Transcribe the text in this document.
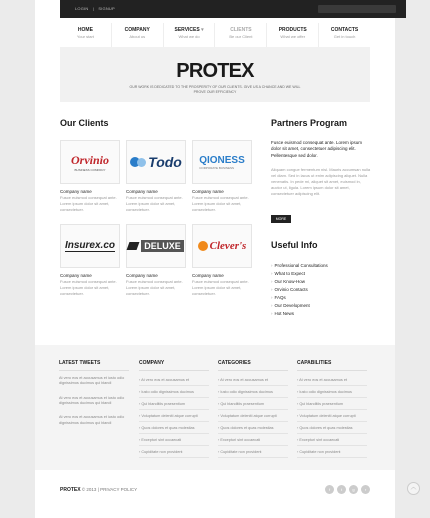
LOGIN | SIGNUP
HOME
Your start
COMPANY
About us
SERVICES ▾
What we do
CLIENTS
Be our Client
PRODUCTS
What we offer
CONTACTS
Get in touch
PROTEX
OUR WORK IS DEDICATED TO THE PROSPERITY OF OUR CLIENTS. GIVE US A CHANCE AND WE WILL PROVE OUR EFFICIENCY
Our Clients
Orvinio
BUSINESS COMPANY
Company name
Fusce euismod consequat ante. Lorem ipsum dolor sit amet, consectetuer.
Todo
Company name
Fusce euismod consequat ante. Lorem ipsum dolor sit amet, consectetuer.
QIONESS
CORPORATE BUSINESS
Company name
Fusce euismod consequat ante. Lorem ipsum dolor sit amet, consectetuer.
Insurex.co
Company name
Fusce euismod consequat ante. Lorem ipsum dolor sit amet, consectetuer.
DELUXE
Company name
Fusce euismod consequat ante. Lorem ipsum dolor sit amet, consectetuer.
Clever's
Company name
Fusce euismod consequat ante. Lorem ipsum dolor sit amet, consectetuer.
Partners Program
Fusce euismod consequat ante. Lorem ipsum dolor sit amet, consectetuer adipiscing elit. Pellentesque sed dolor.
Aliquam congue fermentum nisl. Mauris accumsan nulla vel diam. Sed in lacus ut enim adipiscing aliquet. Nulla venenatis. In pede mi, aliquet sit amet, euismod in, auctor ut, ligula. Lorem ipsum dolor sit amet, consectetuer adipiscing elit.
MORE
Useful Info
› Professional Consultations
› What to Expect
› Our Know-How
› Orvinio Contacts
› FAQs
› Our Development
› Hot News
LATEST TWEETS
At vero eos et accusamus et iusto odio dignissimos ducimus qui blandi
At vero eos et accusamus et iusto odio dignissimos ducimus qui blandi
At vero eos et accusamus et iusto odio dignissimos ducimus qui blandi
COMPANY
› At vero eos et accusamus et
› Iusto odio dignissimos ducimus
› Qui blanditiis praesentium
› Voluptatum deleniti atque corrupti
› Quos dolores et quas molestias
› Excepturi sint occaecati
› Cupiditate non provident
CATEGORIES
› At vero eos et accusamus et
› Iusto odio dignissimos ducimus
› Qui blanditiis praesentium
› Voluptatum deleniti atque corrupti
› Quos dolores et quas molestias
› Excepturi sint occaecati
› Cupiditate non provident
CAPABILITIES
› At vero eos et accusamus et
› Iusto odio dignissimos ducimus
› Qui blanditiis praesentium
› Voluptatum deleniti atque corrupti
› Quos dolores et quas molestias
› Excepturi sint occaecati
› Cupiditate non provident
PROTEX © 2013 | PRIVACY POLICY	f	t	g	r	︿
